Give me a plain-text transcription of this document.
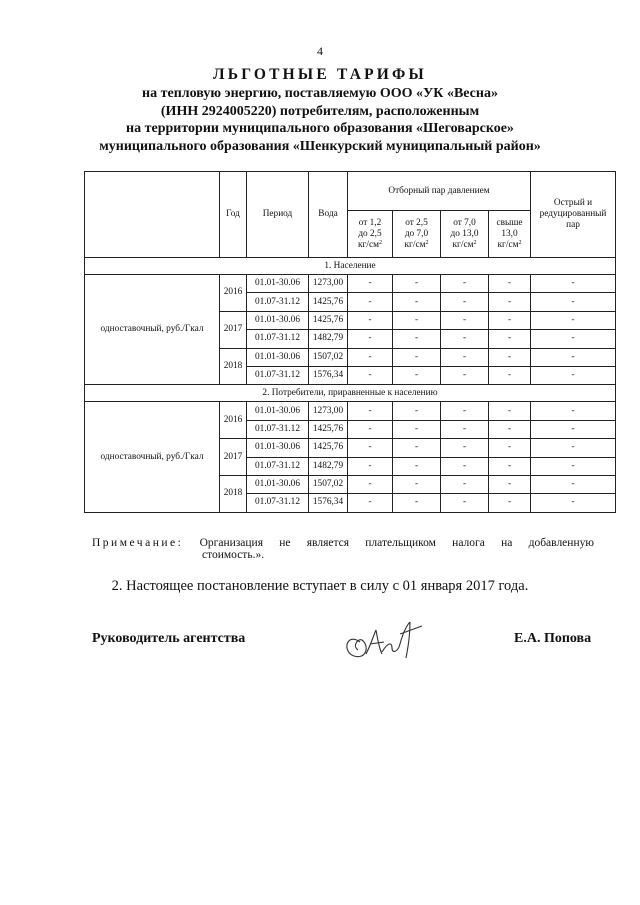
4

ЛЬГОТНЫЕ ТАРИФЫ

на тепловую энергию, поставляемую ООО «УК «Весна»

(ИНН 2924005220) потребителям, расположенным

на территории муниципального образования «Шеговарское»

муниципального образования «Шенкурский муниципальный район»

	Год	Период	Вода	Отборный пар давлением				Острый и редуцированный пар
				от 1,2
до 2,5
$кг/см^2$	от 2,5
до 7,0
$кг/см^2$	от 7,0
до 13,0
$кг/см^2$	свыше
13,0
$кг/см^2$
1. Население								
одноставочный, руб./Гкал	2016	01.01-30.06	1273,00	-	-	-	-	-
		01.07-31.12	1425,76	-	-	-	-	-
	2017	01.01-30.06	1425,76	-	-	-	-	-
		01.07-31.12	1482,79	-	-	-	-	-
	2018	01.01-30.06	1507,02	-	-	-	-	-
		01.07-31.12	1576,34	-	-	-	-	-
2. Потребители, приравненные к населению								
одноставочный, руб./Гкал	2016	01.01-30.06	1273,00	-	-	-	-	-
		01.07-31.12	1425,76	-	-	-	-	-
	2017	01.01-30.06	1425,76	-	-	-	-	-
		01.07-31.12	1482,79	-	-	-	-	-
	2018	01.01-30.06	1507,02	-	-	-	-	-
		01.07-31.12	1576,34	-	-	-	-	-
Примечание: Организация не является плательщиком налога на добавленную
стоимость.».
2. Настоящее постановление вступает в силу с 01 января 2017 года.
Руководитель агентства	Е.А. Попова
